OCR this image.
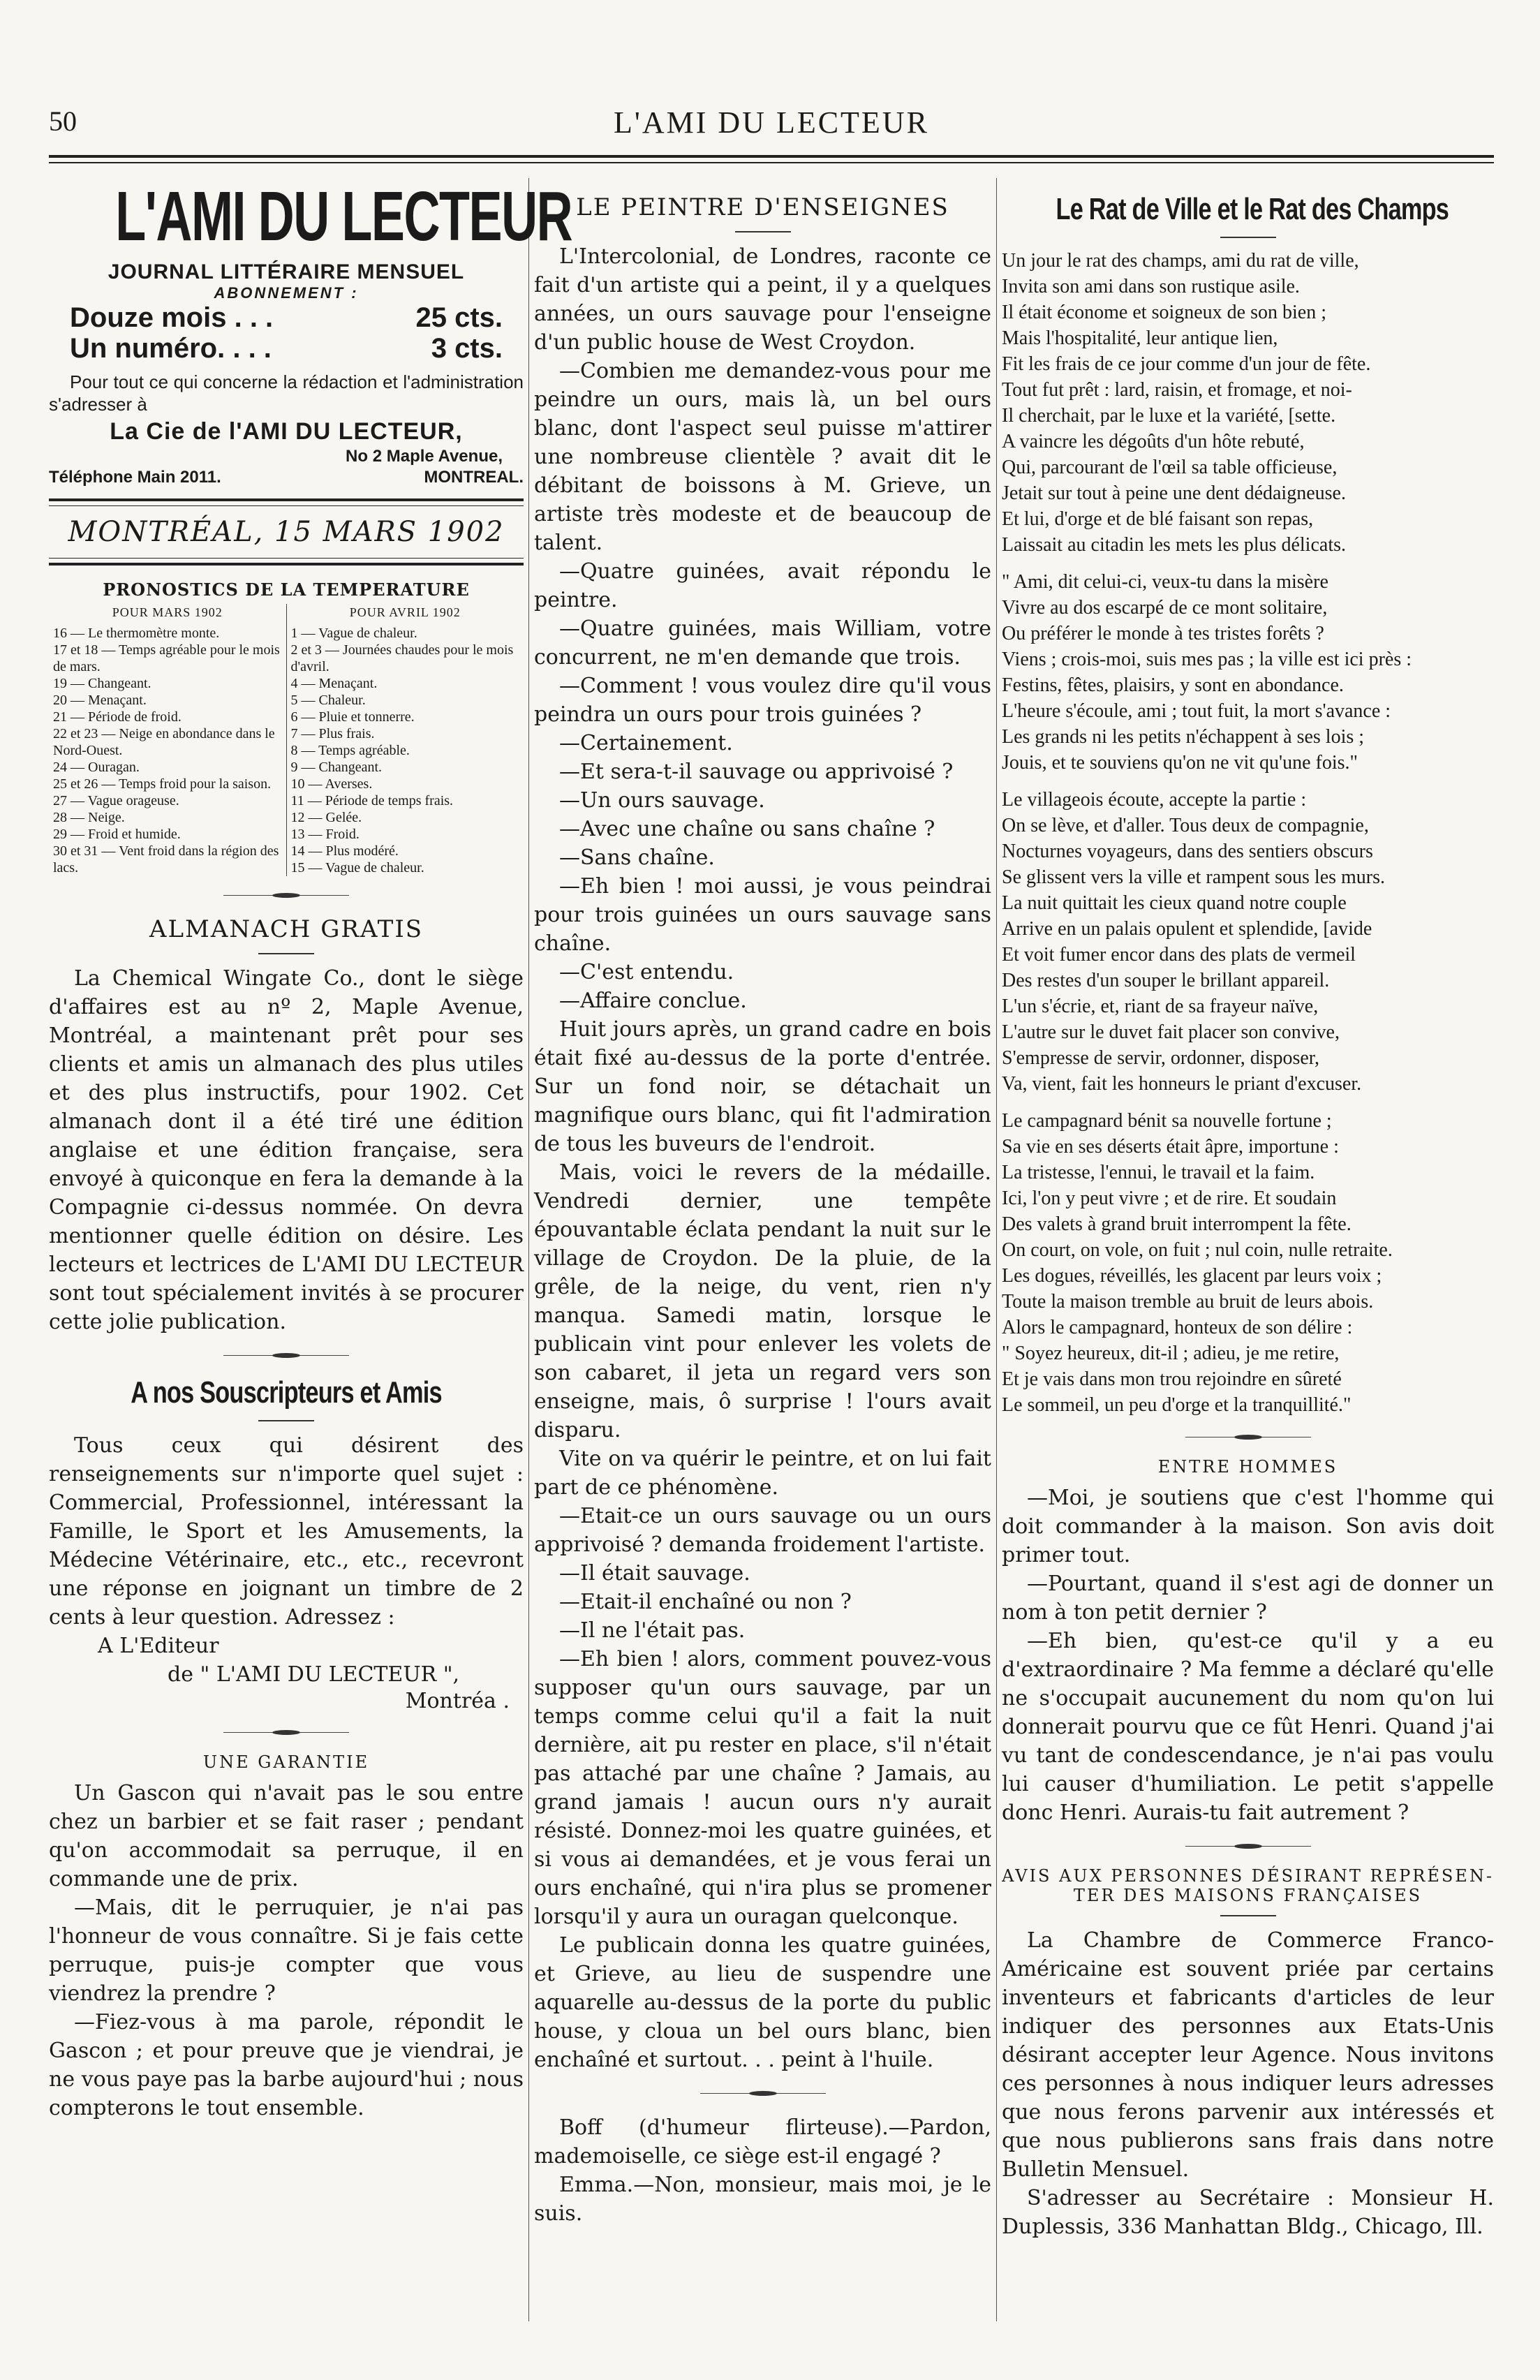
50	L'AMI DU LECTEUR

L'AMI DU LECTEUR

JOURNAL LITTÉRAIRE MENSUEL

ABONNEMENT :

Douze mois . . .	25 cts.
Un numéro. . . .	3 cts.

Pour tout ce qui concerne la rédaction et l'administration s'adresser à

La Cie de l'AMI DU LECTEUR,

No 2 Maple Avenue,

Téléphone Main 2011.	MONTREAL.

MONTRÉAL, 15 MARS 1902

PRONOSTICS DE LA TEMPERATURE

POUR MARS 1902

16 — Le thermomètre monte.

17 et 18 — Temps agréable pour le mois de mars.

19 — Changeant.

20 — Menaçant.

21 — Période de froid.

22 et 23 — Neige en abondance dans le Nord-Ouest.

24 — Ouragan.

25 et 26 — Temps froid pour la saison.

27 — Vague orageuse.

28 — Neige.

29 — Froid et humide.

30 et 31 — Vent froid dans la région des lacs.

POUR AVRIL 1902

1 — Vague de chaleur.

2 et 3 — Journées chaudes pour le mois d'avril.

4 — Menaçant.

5 — Chaleur.

6 — Pluie et tonnerre.

7 — Plus frais.

8 — Temps agréable.

9 — Changeant.

10 — Averses.

11 — Période de temps frais.

12 — Gelée.

13 — Froid.

14 — Plus modéré.

15 — Vague de chaleur.

ALMANACH GRATIS

La Chemical Wingate Co., dont le siège d'affaires est au nº 2, Maple Avenue, Montréal, a maintenant prêt pour ses clients et amis un almanach des plus utiles et des plus instructifs, pour 1902. Cet almanach dont il a été tiré une édition anglaise et une édition française, sera envoyé à quiconque en fera la demande à la Compagnie ci-dessus nommée. On devra mentionner quelle édition on désire. Les lecteurs et lectrices de L'AMI DU LECTEUR sont tout spécialement invités à se procurer cette jolie publication.

A nos Souscripteurs et Amis

Tous ceux qui désirent des renseignements sur n'importe quel sujet : Commercial, Professionnel, intéressant la Famille, le Sport et les Amusements, la Médecine Vétérinaire, etc., etc., recevront une réponse en joignant un timbre de 2 cents à leur question. Adressez :

A L'Editeur

de " L'AMI DU LECTEUR ",

Montréa .

UNE GARANTIE

Un Gascon qui n'avait pas le sou entre chez un barbier et se fait raser ; pendant qu'on accommodait sa perruque, il en commande une de prix.

—Mais, dit le perruquier, je n'ai pas l'honneur de vous connaître. Si je fais cette perruque, puis-je compter que vous viendrez la prendre ?

—Fiez-vous à ma parole, répondit le Gascon ; et pour preuve que je viendrai, je ne vous paye pas la barbe aujourd'hui ; nous compterons le tout ensemble.

LE PEINTRE D'ENSEIGNES

L'Intercolonial, de Londres, raconte ce fait d'un artiste qui a peint, il y a quelques années, un ours sauvage pour l'enseigne d'un public house de West Croydon.

—Combien me demandez-vous pour me peindre un ours, mais là, un bel ours blanc, dont l'aspect seul puisse m'attirer une nombreuse clientèle ? avait dit le débitant de boissons à M. Grieve, un artiste très modeste et de beaucoup de talent.

—Quatre guinées, avait répondu le peintre.

—Quatre guinées, mais William, votre concurrent, ne m'en demande que trois.

—Comment ! vous voulez dire qu'il vous peindra un ours pour trois guinées ?

—Certainement.

—Et sera-t-il sauvage ou apprivoisé ?

—Un ours sauvage.

—Avec une chaîne ou sans chaîne ?

—Sans chaîne.

—Eh bien ! moi aussi, je vous peindrai pour trois guinées un ours sauvage sans chaîne.

—C'est entendu.

—Affaire conclue.

Huit jours après, un grand cadre en bois était fixé au-dessus de la porte d'entrée. Sur un fond noir, se détachait un magnifique ours blanc, qui fit l'admiration de tous les buveurs de l'endroit.

Mais, voici le revers de la médaille. Vendredi dernier, une tempête épouvantable éclata pendant la nuit sur le village de Croydon. De la pluie, de la grêle, de la neige, du vent, rien n'y manqua. Samedi matin, lorsque le publicain vint pour enlever les volets de son cabaret, il jeta un regard vers son enseigne, mais, ô surprise ! l'ours avait disparu.

Vite on va quérir le peintre, et on lui fait part de ce phénomène.

—Etait-ce un ours sauvage ou un ours apprivoisé ? demanda froidement l'artiste.

—Il était sauvage.

—Etait-il enchaîné ou non ?

—Il ne l'était pas.

—Eh bien ! alors, comment pouvez-vous supposer qu'un ours sauvage, par un temps comme celui qu'il a fait la nuit dernière, ait pu rester en place, s'il n'était pas attaché par une chaîne ? Jamais, au grand jamais ! aucun ours n'y aurait résisté. Donnez-moi les quatre guinées, et si vous ai demandées, et je vous ferai un ours enchaîné, qui n'ira plus se promener lorsqu'il y aura un ouragan quelconque.

Le publicain donna les quatre guinées, et Grieve, au lieu de suspendre une aquarelle au-dessus de la porte du public house, y cloua un bel ours blanc, bien enchaîné et surtout. . . peint à l'huile.

Boff (d'humeur flirteuse).—Pardon, mademoiselle, ce siège est-il engagé ?

Emma.—Non, monsieur, mais moi, je le suis.

Le Rat de Ville et le Rat des Champs

Un jour le rat des champs, ami du rat de ville,

Invita son ami dans son rustique asile.

Il était économe et soigneux de son bien ;

Mais l'hospitalité, leur antique lien,

Fit les frais de ce jour comme d'un jour de fête.

Tout fut prêt : lard, raisin, et fromage, et noi-

Il cherchait, par le luxe et la variété, [sette.

A vaincre les dégoûts d'un hôte rebuté,

Qui, parcourant de l'œil sa table officieuse,

Jetait sur tout à peine une dent dédaigneuse.

Et lui, d'orge et de blé faisant son repas,

Laissait au citadin les mets les plus délicats.

" Ami, dit celui-ci, veux-tu dans la misère

Vivre au dos escarpé de ce mont solitaire,

Ou préférer le monde à tes tristes forêts ?

Viens ; crois-moi, suis mes pas ; la ville est ici près :

Festins, fêtes, plaisirs, y sont en abondance.

L'heure s'écoule, ami ; tout fuit, la mort s'avance :

Les grands ni les petits n'échappent à ses lois ;

Jouis, et te souviens qu'on ne vit qu'une fois."

Le villageois écoute, accepte la partie :

On se lève, et d'aller. Tous deux de compagnie,

Nocturnes voyageurs, dans des sentiers obscurs

Se glissent vers la ville et rampent sous les murs.

La nuit quittait les cieux quand notre couple

Arrive en un palais opulent et splendide, [avide

Et voit fumer encor dans des plats de vermeil

Des restes d'un souper le brillant appareil.

L'un s'écrie, et, riant de sa frayeur naïve,

L'autre sur le duvet fait placer son convive,

S'empresse de servir, ordonner, disposer,

Va, vient, fait les honneurs le priant d'excuser.

Le campagnard bénit sa nouvelle fortune ;

Sa vie en ses déserts était âpre, importune :

La tristesse, l'ennui, le travail et la faim.

Ici, l'on y peut vivre ; et de rire. Et soudain

Des valets à grand bruit interrompent la fête.

On court, on vole, on fuit ; nul coin, nulle retraite.

Les dogues, réveillés, les glacent par leurs voix ;

Toute la maison tremble au bruit de leurs abois.

Alors le campagnard, honteux de son délire :

" Soyez heureux, dit-il ; adieu, je me retire,

Et je vais dans mon trou rejoindre en sûreté

Le sommeil, un peu d'orge et la tranquillité."

ENTRE HOMMES

—Moi, je soutiens que c'est l'homme qui doit commander à la maison. Son avis doit primer tout.

—Pourtant, quand il s'est agi de donner un nom à ton petit dernier ?

—Eh bien, qu'est-ce qu'il y a eu d'extraordinaire ? Ma femme a déclaré qu'elle ne s'occupait aucunement du nom qu'on lui donnerait pourvu que ce fût Henri. Quand j'ai vu tant de condescendance, je n'ai pas voulu lui causer d'humiliation. Le petit s'appelle donc Henri. Aurais-tu fait autrement ?

AVIS AUX PERSONNES DÉSIRANT REPRÉSEN-

TER DES MAISONS FRANÇAISES

La Chambre de Commerce Franco-Américaine est souvent priée par certains inventeurs et fabricants d'articles de leur indiquer des personnes aux Etats-Unis désirant accepter leur Agence. Nous invitons ces personnes à nous indiquer leurs adresses que nous ferons parvenir aux intéressés et que nous publierons sans frais dans notre Bulletin Mensuel.

S'adresser au Secrétaire : Monsieur H. Duplessis, 336 Manhattan Bldg., Chicago, Ill.
